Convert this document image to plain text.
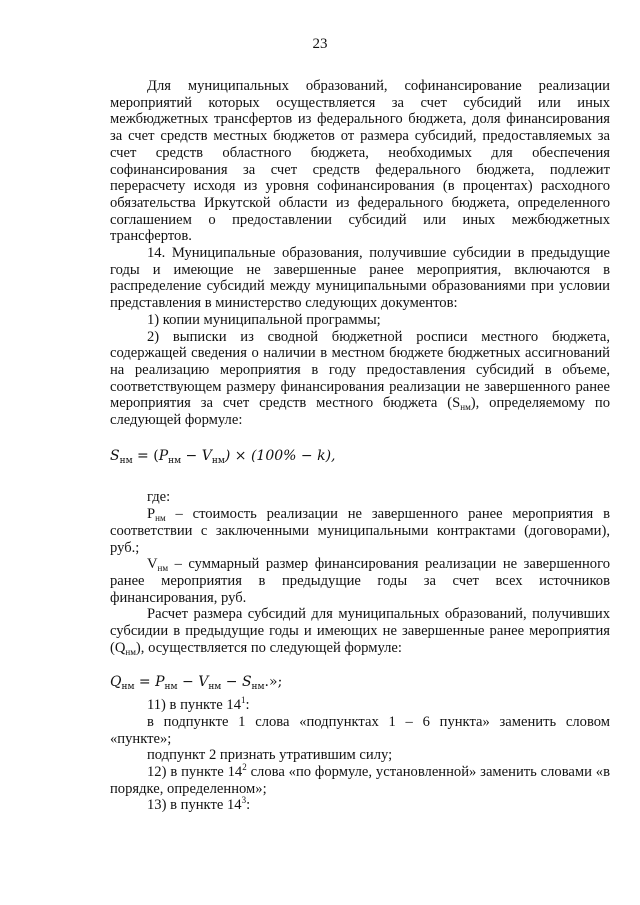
23

Для муниципальных образований, софинансирование реализации мероприятий которых осуществляется за счет субсидий или иных межбюджетных трансфертов из федерального бюджета, доля финансирования за счет средств местных бюджетов от размера субсидий, предоставляемых за счет средств областного бюджета, необходимых для обеспечения софинансирования за счет средств федерального бюджета, подлежит перерасчету исходя из уровня софинансирования (в процентах) расходного обязательства Иркутской области из федерального бюджета, определенного соглашением о предоставлении субсидий или иных межбюджетных трансфертов.

14. Муниципальные образования, получившие субсидии в предыдущие годы и имеющие не завершенные ранее мероприятия, включаются в распределение субсидий между муниципальными образованиями при условии представления в министерство следующих документов:

1) копии муниципальной программы;

2) выписки из сводной бюджетной росписи местного бюджета, содержащей сведения о наличии в местном бюджете бюджетных ассигнований на реализацию мероприятия в году предоставления субсидий в объеме, соответствующем размеру финансирования реализации не завершенного ранее мероприятия за счет средств местного бюджета $(S_{нм})$, определяемому по следующей формуле:

$S_{нм} = (P_{нм} - V_{нм}) \times (100\% - k)$,

где:

$P_{нм}$ – стоимость реализации не завершенного ранее мероприятия в соответствии с заключенными муниципальными контрактами (договорами), руб.;

$V_{нм}$ – суммарный размер финансирования реализации не завершенного ранее мероприятия в предыдущие годы за счет всех источников финансирования, руб.

Расчет размера субсидий для муниципальных образований, получивших субсидии в предыдущие годы и имеющих не завершенные ранее мероприятия $(Q_{нм})$, осуществляется по следующей формуле:

$Q_{нм} = P_{нм} - V_{нм} - S_{нм}$.»;

11) в пункте $14^1$:

в подпункте 1 слова «подпунктах 1 – 6 пункта» заменить словом «пункте»;

подпункт 2 признать утратившим силу;

12) в пункте $14^2$ слова «по формуле, установленной» заменить словами «в порядке, определенном»;

13) в пункте $14^3$:
